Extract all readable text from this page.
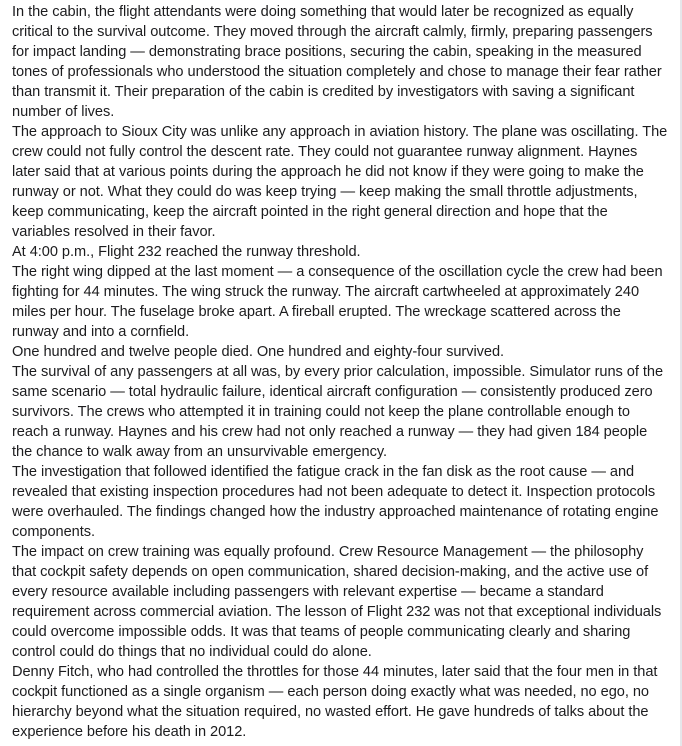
In the cabin, the flight attendants were doing something that would later be recognized as equally critical to the survival outcome. They moved through the aircraft calmly, firmly, preparing passengers for impact landing — demonstrating brace positions, securing the cabin, speaking in the measured tones of professionals who understood the situation completely and chose to manage their fear rather than transmit it. Their preparation of the cabin is credited by investigators with saving a significant number of lives.

The approach to Sioux City was unlike any approach in aviation history. The plane was oscillating. The crew could not fully control the descent rate. They could not guarantee runway alignment. Haynes later said that at various points during the approach he did not know if they were going to make the runway or not. What they could do was keep trying — keep making the small throttle adjustments, keep communicating, keep the aircraft pointed in the right general direction and hope that the variables resolved in their favor.

At 4:00 p.m., Flight 232 reached the runway threshold.

The right wing dipped at the last moment — a consequence of the oscillation cycle the crew had been fighting for 44 minutes. The wing struck the runway. The aircraft cartwheeled at approximately 240 miles per hour. The fuselage broke apart. A fireball erupted. The wreckage scattered across the runway and into a cornfield.

One hundred and twelve people died. One hundred and eighty-four survived.

The survival of any passengers at all was, by every prior calculation, impossible. Simulator runs of the same scenario — total hydraulic failure, identical aircraft configuration — consistently produced zero survivors. The crews who attempted it in training could not keep the plane controllable enough to reach a runway. Haynes and his crew had not only reached a runway — they had given 184 people the chance to walk away from an unsurvivable emergency.

The investigation that followed identified the fatigue crack in the fan disk as the root cause — and revealed that existing inspection procedures had not been adequate to detect it. Inspection protocols were overhauled. The findings changed how the industry approached maintenance of rotating engine components.

The impact on crew training was equally profound. Crew Resource Management — the philosophy that cockpit safety depends on open communication, shared decision-making, and the active use of every resource available including passengers with relevant expertise — became a standard requirement across commercial aviation. The lesson of Flight 232 was not that exceptional individuals could overcome impossible odds. It was that teams of people communicating clearly and sharing control could do things that no individual could do alone.

Denny Fitch, who had controlled the throttles for those 44 minutes, later said that the four men in that cockpit functioned as a single organism — each person doing exactly what was needed, no ego, no hierarchy beyond what the situation required, no wasted effort. He gave hundreds of talks about the experience before his death in 2012.
